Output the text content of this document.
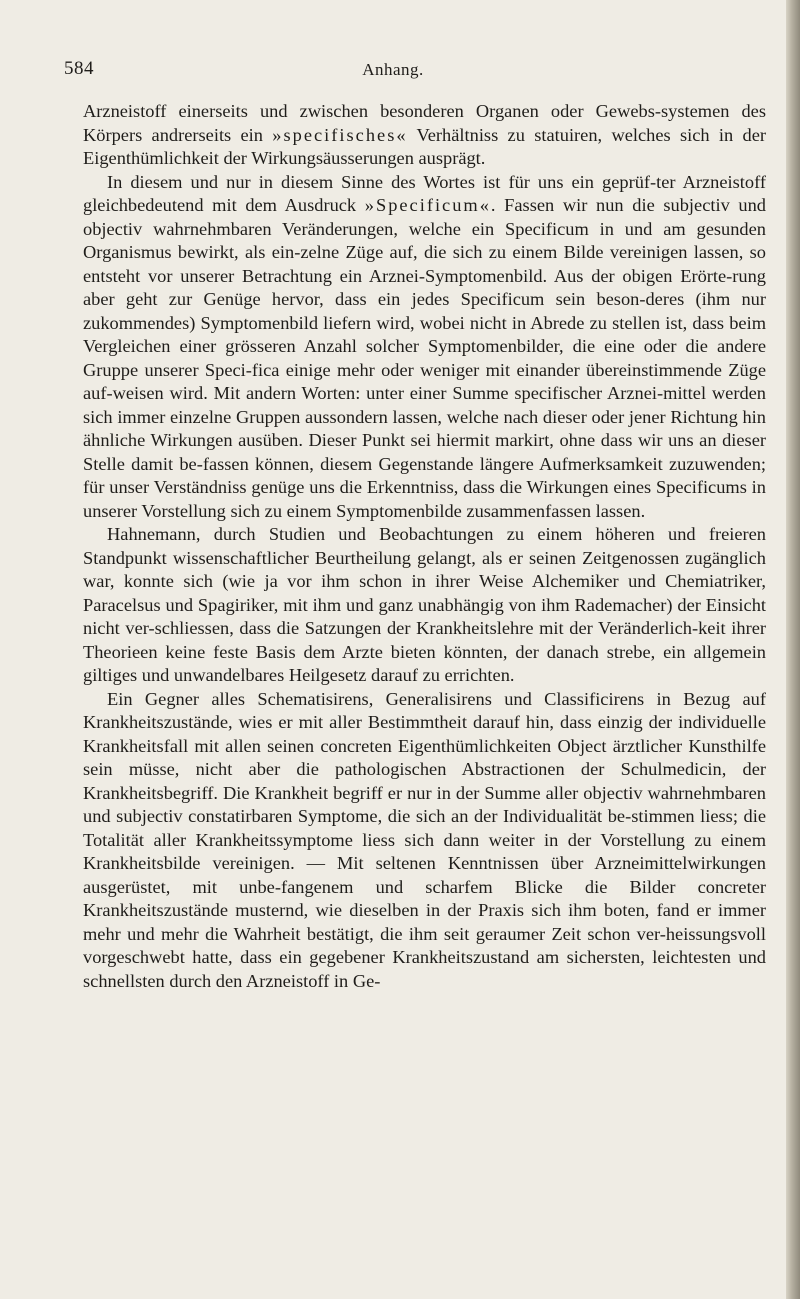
584	Anhang.

Arzneistoff einerseits und zwischen besonderen Organen oder Gewebs-systemen des Körpers andrerseits ein »specifisches« Verhältniss zu statuiren, welches sich in der Eigenthümlichkeit der Wirkungsäusserungen ausprägt.

In diesem und nur in diesem Sinne des Wortes ist für uns ein geprüf-ter Arzneistoff gleichbedeutend mit dem Ausdruck »Specificum«. Fassen wir nun die subjectiv und objectiv wahrnehmbaren Veränderungen, welche ein Specificum in und am gesunden Organismus bewirkt, als ein-zelne Züge auf, die sich zu einem Bilde vereinigen lassen, so entsteht vor unserer Betrachtung ein Arznei-Symptomenbild. Aus der obigen Erörte-rung aber geht zur Genüge hervor, dass ein jedes Specificum sein beson-deres (ihm nur zukommendes) Symptomenbild liefern wird, wobei nicht in Abrede zu stellen ist, dass beim Vergleichen einer grösseren Anzahl solcher Symptomenbilder, die eine oder die andere Gruppe unserer Speci-fica einige mehr oder weniger mit einander übereinstimmende Züge auf-weisen wird. Mit andern Worten: unter einer Summe specifischer Arznei-mittel werden sich immer einzelne Gruppen aussondern lassen, welche nach dieser oder jener Richtung hin ähnliche Wirkungen ausüben. Dieser Punkt sei hiermit markirt, ohne dass wir uns an dieser Stelle damit be-fassen können, diesem Gegenstande längere Aufmerksamkeit zuzuwenden; für unser Verständniss genüge uns die Erkenntniss, dass die Wirkungen eines Specificums in unserer Vorstellung sich zu einem Symptomenbilde zusammenfassen lassen.

Hahnemann, durch Studien und Beobachtungen zu einem höheren und freieren Standpunkt wissenschaftlicher Beurtheilung gelangt, als er seinen Zeitgenossen zugänglich war, konnte sich (wie ja vor ihm schon in ihrer Weise Alchemiker und Chemiatriker, Paracelsus und Spagiriker, mit ihm und ganz unabhängig von ihm Rademacher) der Einsicht nicht ver-schliessen, dass die Satzungen der Krankheitslehre mit der Veränderlich-keit ihrer Theorieen keine feste Basis dem Arzte bieten könnten, der danach strebe, ein allgemein giltiges und unwandelbares Heilgesetz darauf zu errichten.

Ein Gegner alles Schematisirens, Generalisirens und Classificirens in Bezug auf Krankheitszustände, wies er mit aller Bestimmtheit darauf hin, dass einzig der individuelle Krankheitsfall mit allen seinen concreten Eigenthümlichkeiten Object ärztlicher Kunsthilfe sein müsse, nicht aber die pathologischen Abstractionen der Schulmedicin, der Krankheitsbegriff. Die Krankheit begriff er nur in der Summe aller objectiv wahrnehmbaren und subjectiv constatirbaren Symptome, die sich an der Individualität be-stimmen liess; die Totalität aller Krankheitssymptome liess sich dann weiter in der Vorstellung zu einem Krankheitsbilde vereinigen. — Mit seltenen Kenntnissen über Arzneimittelwirkungen ausgerüstet, mit unbe-fangenem und scharfem Blicke die Bilder concreter Krankheitszustände musternd, wie dieselben in der Praxis sich ihm boten, fand er immer mehr und mehr die Wahrheit bestätigt, die ihm seit geraumer Zeit schon ver-heissungsvoll vorgeschwebt hatte, dass ein gegebener Krankheitszustand am sichersten, leichtesten und schnellsten durch den Arzneistoff in Ge-
